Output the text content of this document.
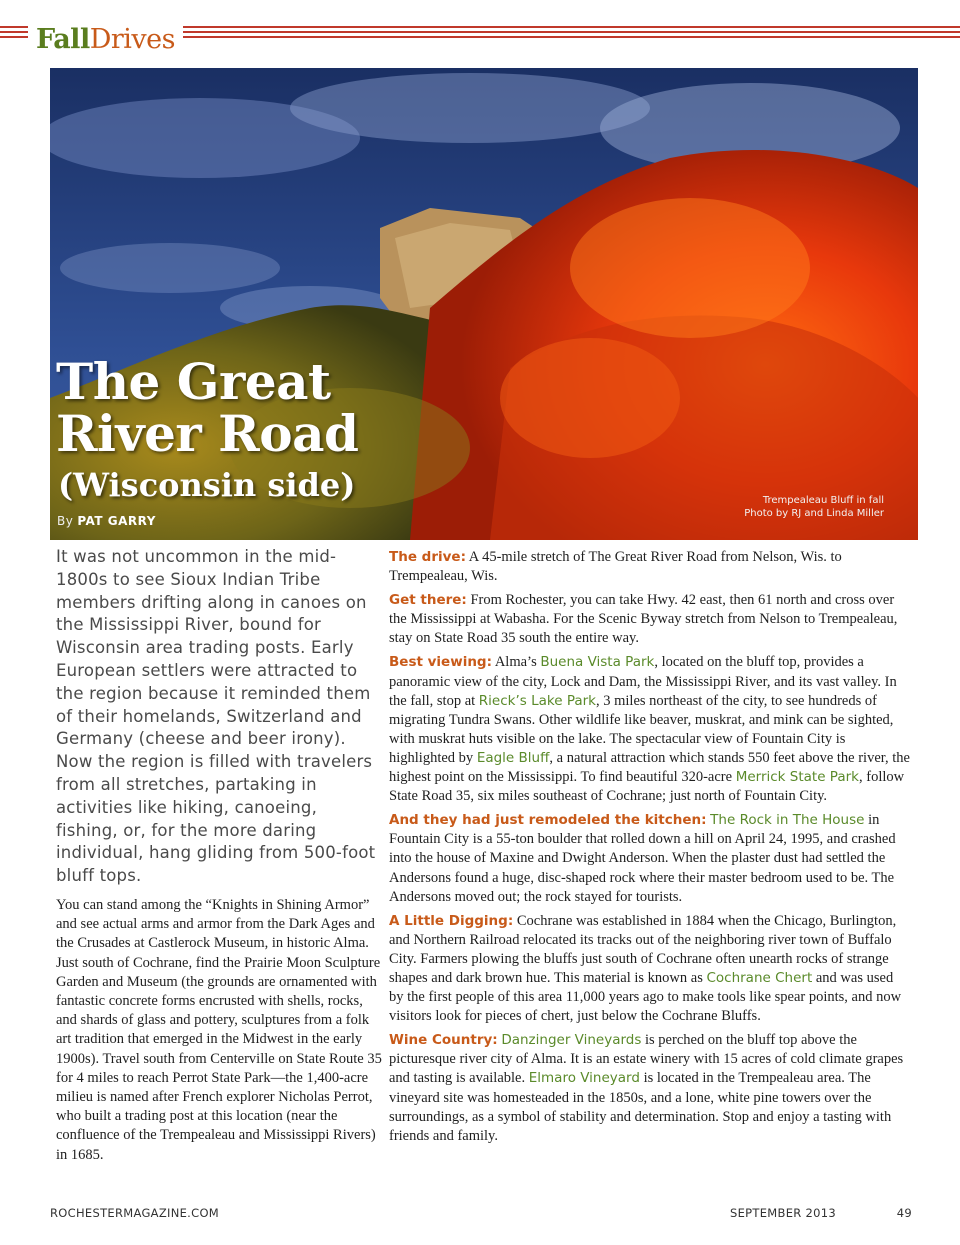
FallDrives
The Great
River Road
(Wisconsin side)
By PAT GARRY
Trempealeau Bluff in fall
Photo by RJ and Linda Miller

It was not uncommon in the mid-1800s to see Sioux Indian Tribe members drifting along in canoes on the Mississippi River, bound for Wisconsin area trading posts. Early European settlers were attracted to the region because it reminded them of their homelands, Switzerland and Germany (cheese and beer irony). Now the region is filled with travelers from all stretches, partaking in activities like hiking, canoeing, fishing, or, for the more daring individual, hang gliding from 500-foot bluff tops.

You can stand among the “Knights in Shining Armor” and see actual arms and armor from the Dark Ages and the Crusades at Castlerock Museum, in historic Alma. Just south of Cochrane, find the Prairie Moon Sculpture Garden and Museum (the grounds are ornamented with fantastic concrete forms encrusted with shells, rocks, and shards of glass and pottery, sculptures from a folk art tradition that emerged in the Midwest in the early 1900s). Travel south from Centerville on State Route 35 for 4 miles to reach Perrot State Park—the 1,400-acre milieu is named after French explorer Nicholas Perrot, who built a trading post at this location (near the confluence of the Trempealeau and Mississippi Rivers) in 1685.

The drive: A 45-mile stretch of The Great River Road from Nelson, Wis. to Trempealeau, Wis.

Get there: From Rochester, you can take Hwy. 42 east, then 61 north and cross over the Mississippi at Wabasha. For the Scenic Byway stretch from Nelson to Trempealeau, stay on State Road 35 south the entire way.

Best viewing: Alma’s Buena Vista Park, located on the bluff top, provides a panoramic view of the city, Lock and Dam, the Mississippi River, and its vast valley. In the fall, stop at Rieck’s Lake Park, 3 miles northeast of the city, to see hundreds of migrating Tundra Swans. Other wildlife like beaver, muskrat, and mink can be sighted, with muskrat huts visible on the lake. The spectacular view of Fountain City is highlighted by Eagle Bluff, a natural attraction which stands 550 feet above the river, the highest point on the Mississippi. To find beautiful 320-acre Merrick State Park, follow State Road 35, six miles southeast of Cochrane; just north of Fountain City.

And they had just remodeled the kitchen: The Rock in The House in Fountain City is a 55-ton boulder that rolled down a hill on April 24, 1995, and crashed into the house of Maxine and Dwight Anderson. When the plaster dust had settled the Andersons found a huge, disc-shaped rock where their master bedroom used to be. The Andersons moved out; the rock stayed for tourists.

A Little Digging: Cochrane was established in 1884 when the Chicago, Burlington, and Northern Railroad relocated its tracks out of the neighboring river town of Buffalo City. Farmers plowing the bluffs just south of Cochrane often unearth rocks of strange shapes and dark brown hue. This material is known as Cochrane Chert and was used by the first people of this area 11,000 years ago to make tools like spear points, and now visitors look for pieces of chert, just below the Cochrane Bluffs.

Wine Country: Danzinger Vineyards is perched on the bluff top above the picturesque river city of Alma. It is an estate winery with 15 acres of cold climate grapes and tasting is available. Elmaro Vineyard is located in the Trempealeau area. The vineyard site was homesteaded in the 1850s, and a lone, white pine towers over the surroundings, as a symbol of stability and determination. Stop and enjoy a tasting with friends and family.

ROCHESTERMAGAZINE.COM	SEPTEMBER 2013	49
